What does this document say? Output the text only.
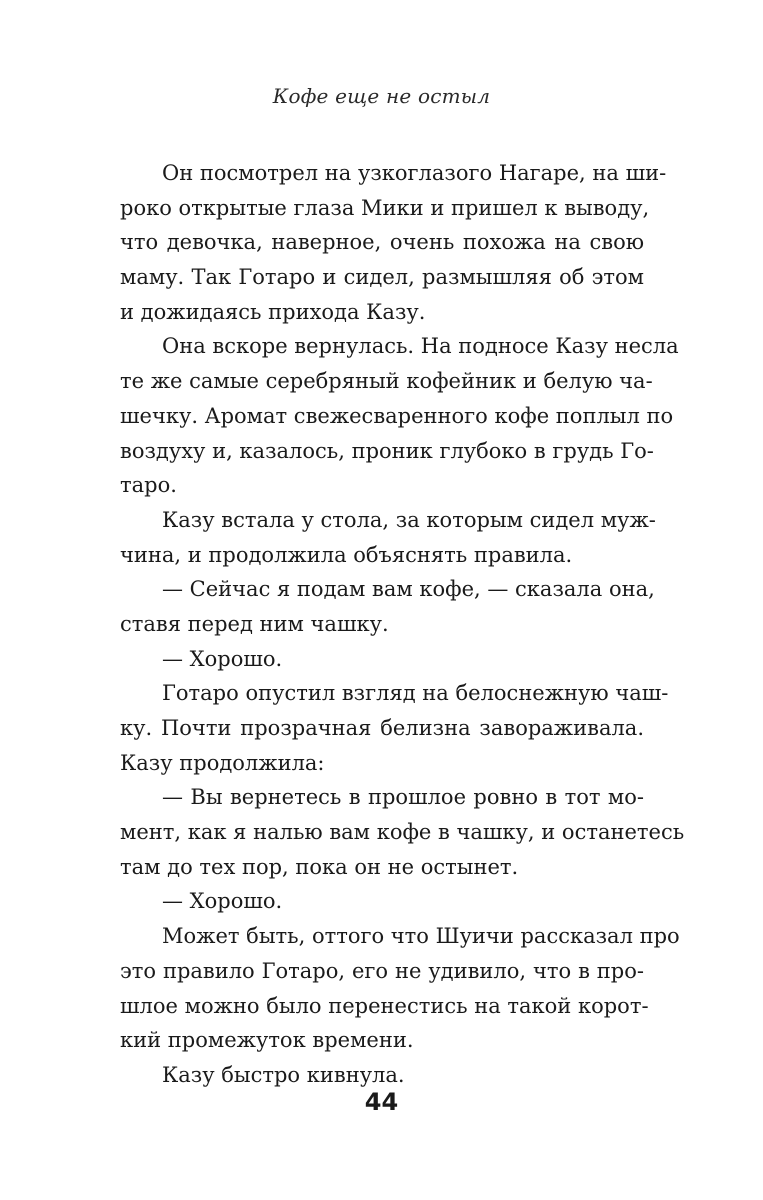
Кофе еще не остыл
Он посмотрел на узкоглазого Нагаре, на ши-
роко открытые глаза Мики и пришел к выводу,
что девочка, наверное, очень похожа на свою
маму. Так Готаро и сидел, размышляя об этом
и дожидаясь прихода Казу.
Она вскоре вернулась. На подносе Казу несла
те же самые серебряный кофейник и белую ча-
шечку. Аромат свежесваренного кофе поплыл по
воздуху и, казалось, проник глубоко в грудь Го-
таро.
Казу встала у стола, за которым сидел муж-
чина, и продолжила объяснять правила.
— Сейчас я подам вам кофе, — сказала она,
ставя перед ним чашку.
— Хорошо.
Готаро опустил взгляд на белоснежную чаш-
ку. Почти прозрачная белизна завораживала.
Казу продолжила:
— Вы вернетесь в прошлое ровно в тот мо-
мент, как я налью вам кофе в чашку, и останетесь
там до тех пор, пока он не остынет.
— Хорошо.
Может быть, оттого что Шуичи рассказал про
это правило Готаро, его не удивило, что в про-
шлое можно было перенестись на такой корот-
кий промежуток времени.
Казу быстро кивнула.
44
